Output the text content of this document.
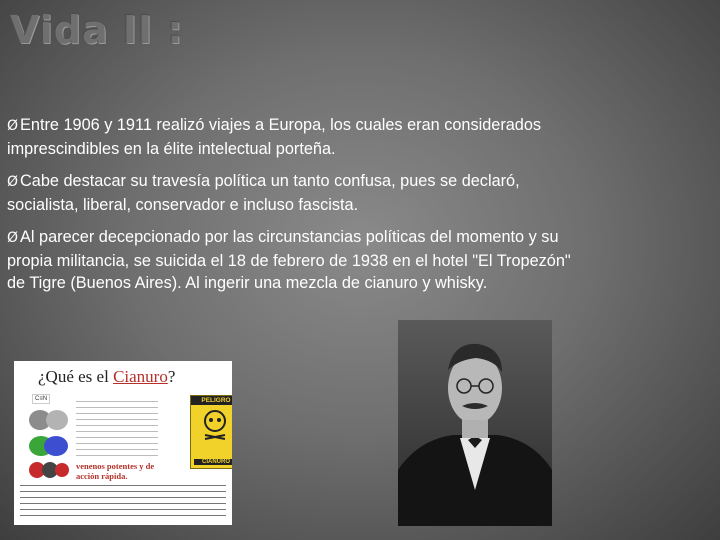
Vida II :

Ø Entre 1906 y 1911 realizó viajes a Europa, los cuales eran considerados imprescindibles en la élite intelectual porteña.

Ø Cabe destacar su travesía política un tanto confusa, pues se declaró, socialista, liberal, conservador e incluso fascista.

Ø Al parecer decepcionado por las circunstancias políticas del momento y su propia militancia, se suicida el 18 de febrero de 1938 en el hotel "El Tropezón" de Tigre (Buenos Aires). Al ingerir una mezcla de cianuro y whisky.

¿Qué es el Cianuro?
C≡N
venenos potentes y de acción rápida.
PELIGRO
CIANURO
